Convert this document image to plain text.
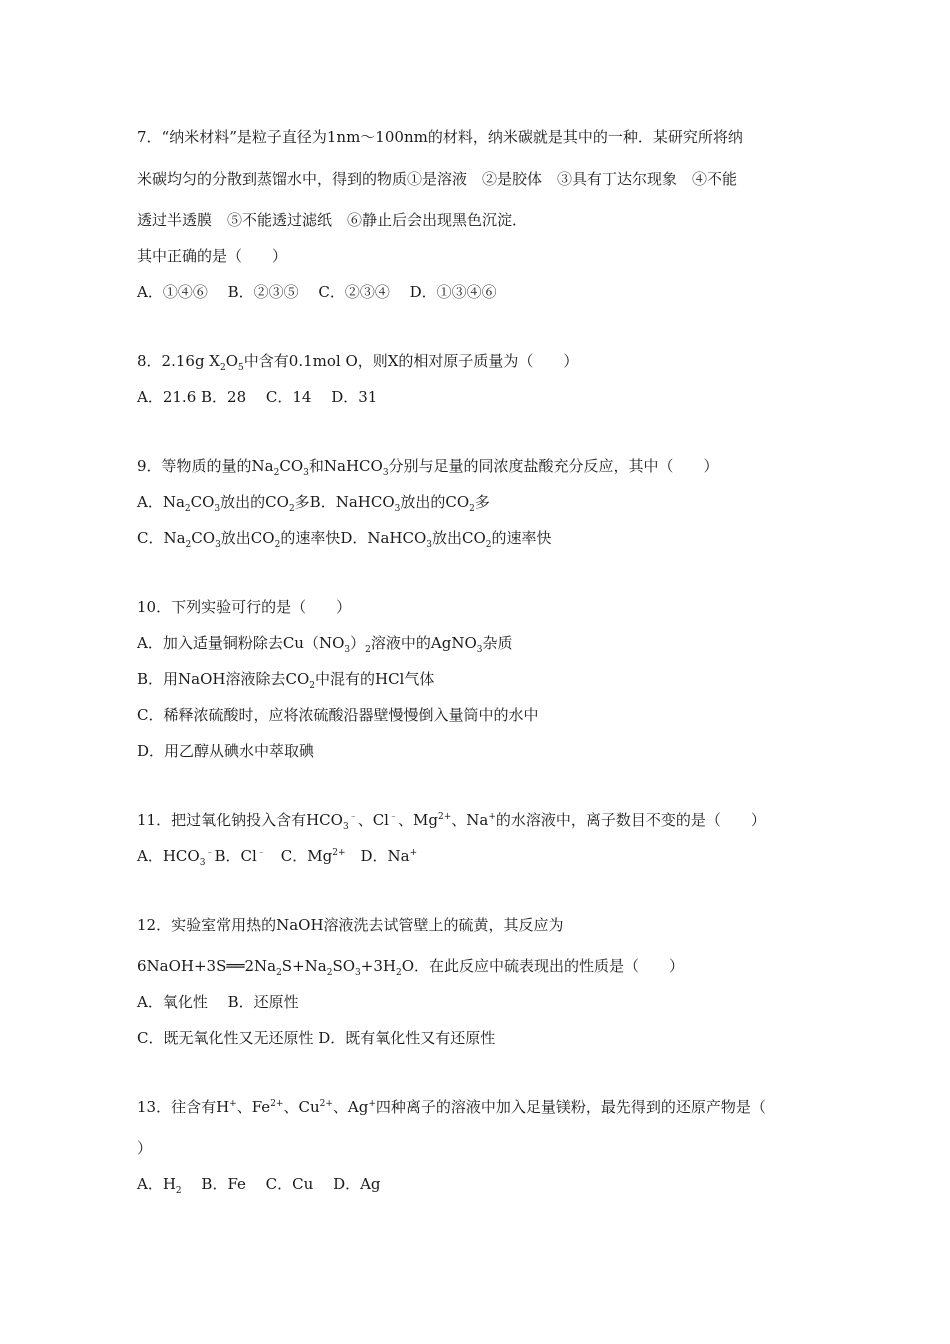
7．“纳米材料”是粒子直径为1nm～100nm的材料，纳米碳就是其中的一种．某研究所将纳
米碳均匀的分散到蒸馏水中，得到的物质①是溶液　②是胶体　③具有丁达尔现象　④不能
透过半透膜　⑤不能透过滤纸　⑥静止后会出现黑色沉淀．
其中正确的是（　　）
A．①④⑥　 B．②③⑤　 C．②③④　 D．①③④⑥
8．2.16g $X_2O_5$中含有0.1mol O，则X的相对原子质量为（　　）
A．21.6 B．28　 C．14　 D．31
9．等物质的量的$Na_2CO_3$和NaHCO$_3$分别与足量的同浓度盐酸充分反应，其中（　　）
A．$Na_2CO_3$放出的$CO_2$多B．NaHCO$_3$放出的$CO_2$多
C．$Na_2CO_3$放出$CO_2$的速率快D．NaHCO$_3$放出$CO_2$的速率快
10．下列实验可行的是（　　）
A．加入适量铜粉除去$Cu(NO_3)_2$溶液中的AgNO$_3$杂质
B．用NaOH溶液除去$CO_2$中混有的HCl气体
C．稀释浓硫酸时，应将浓硫酸沿器壁慢慢倒入量筒中的水中
D．用乙醇从碘水中萃取碘
11．把过氧化钠投入含有$HCO_3^﹣$、Cl﹣、$Mg^{2+}$、Na+的水溶液中，离子数目不变的是（　　）
A．$HCO_3^﹣B$．Cl﹣　C．$Mg^{2+}$　D．Na+
12．实验室常用热的NaOH溶液洗去试管壁上的硫黄，其反应为
$6NaOH+3S══2Na_2S+Na_2SO_3+3H_2O$．在此反应中硫表现出的性质是（　　）
A．氧化性　 B．还原性
C．既无氧化性又无还原性 D．既有氧化性又有还原性
13．往含有H+、$Fe^{2+}$、$Cu^{2+}$、Ag+四种离子的溶液中加入足量镁粉，最先得到的还原产物是（
）
A．$H_2$　 B．Fe　 C．Cu　 D．Ag
